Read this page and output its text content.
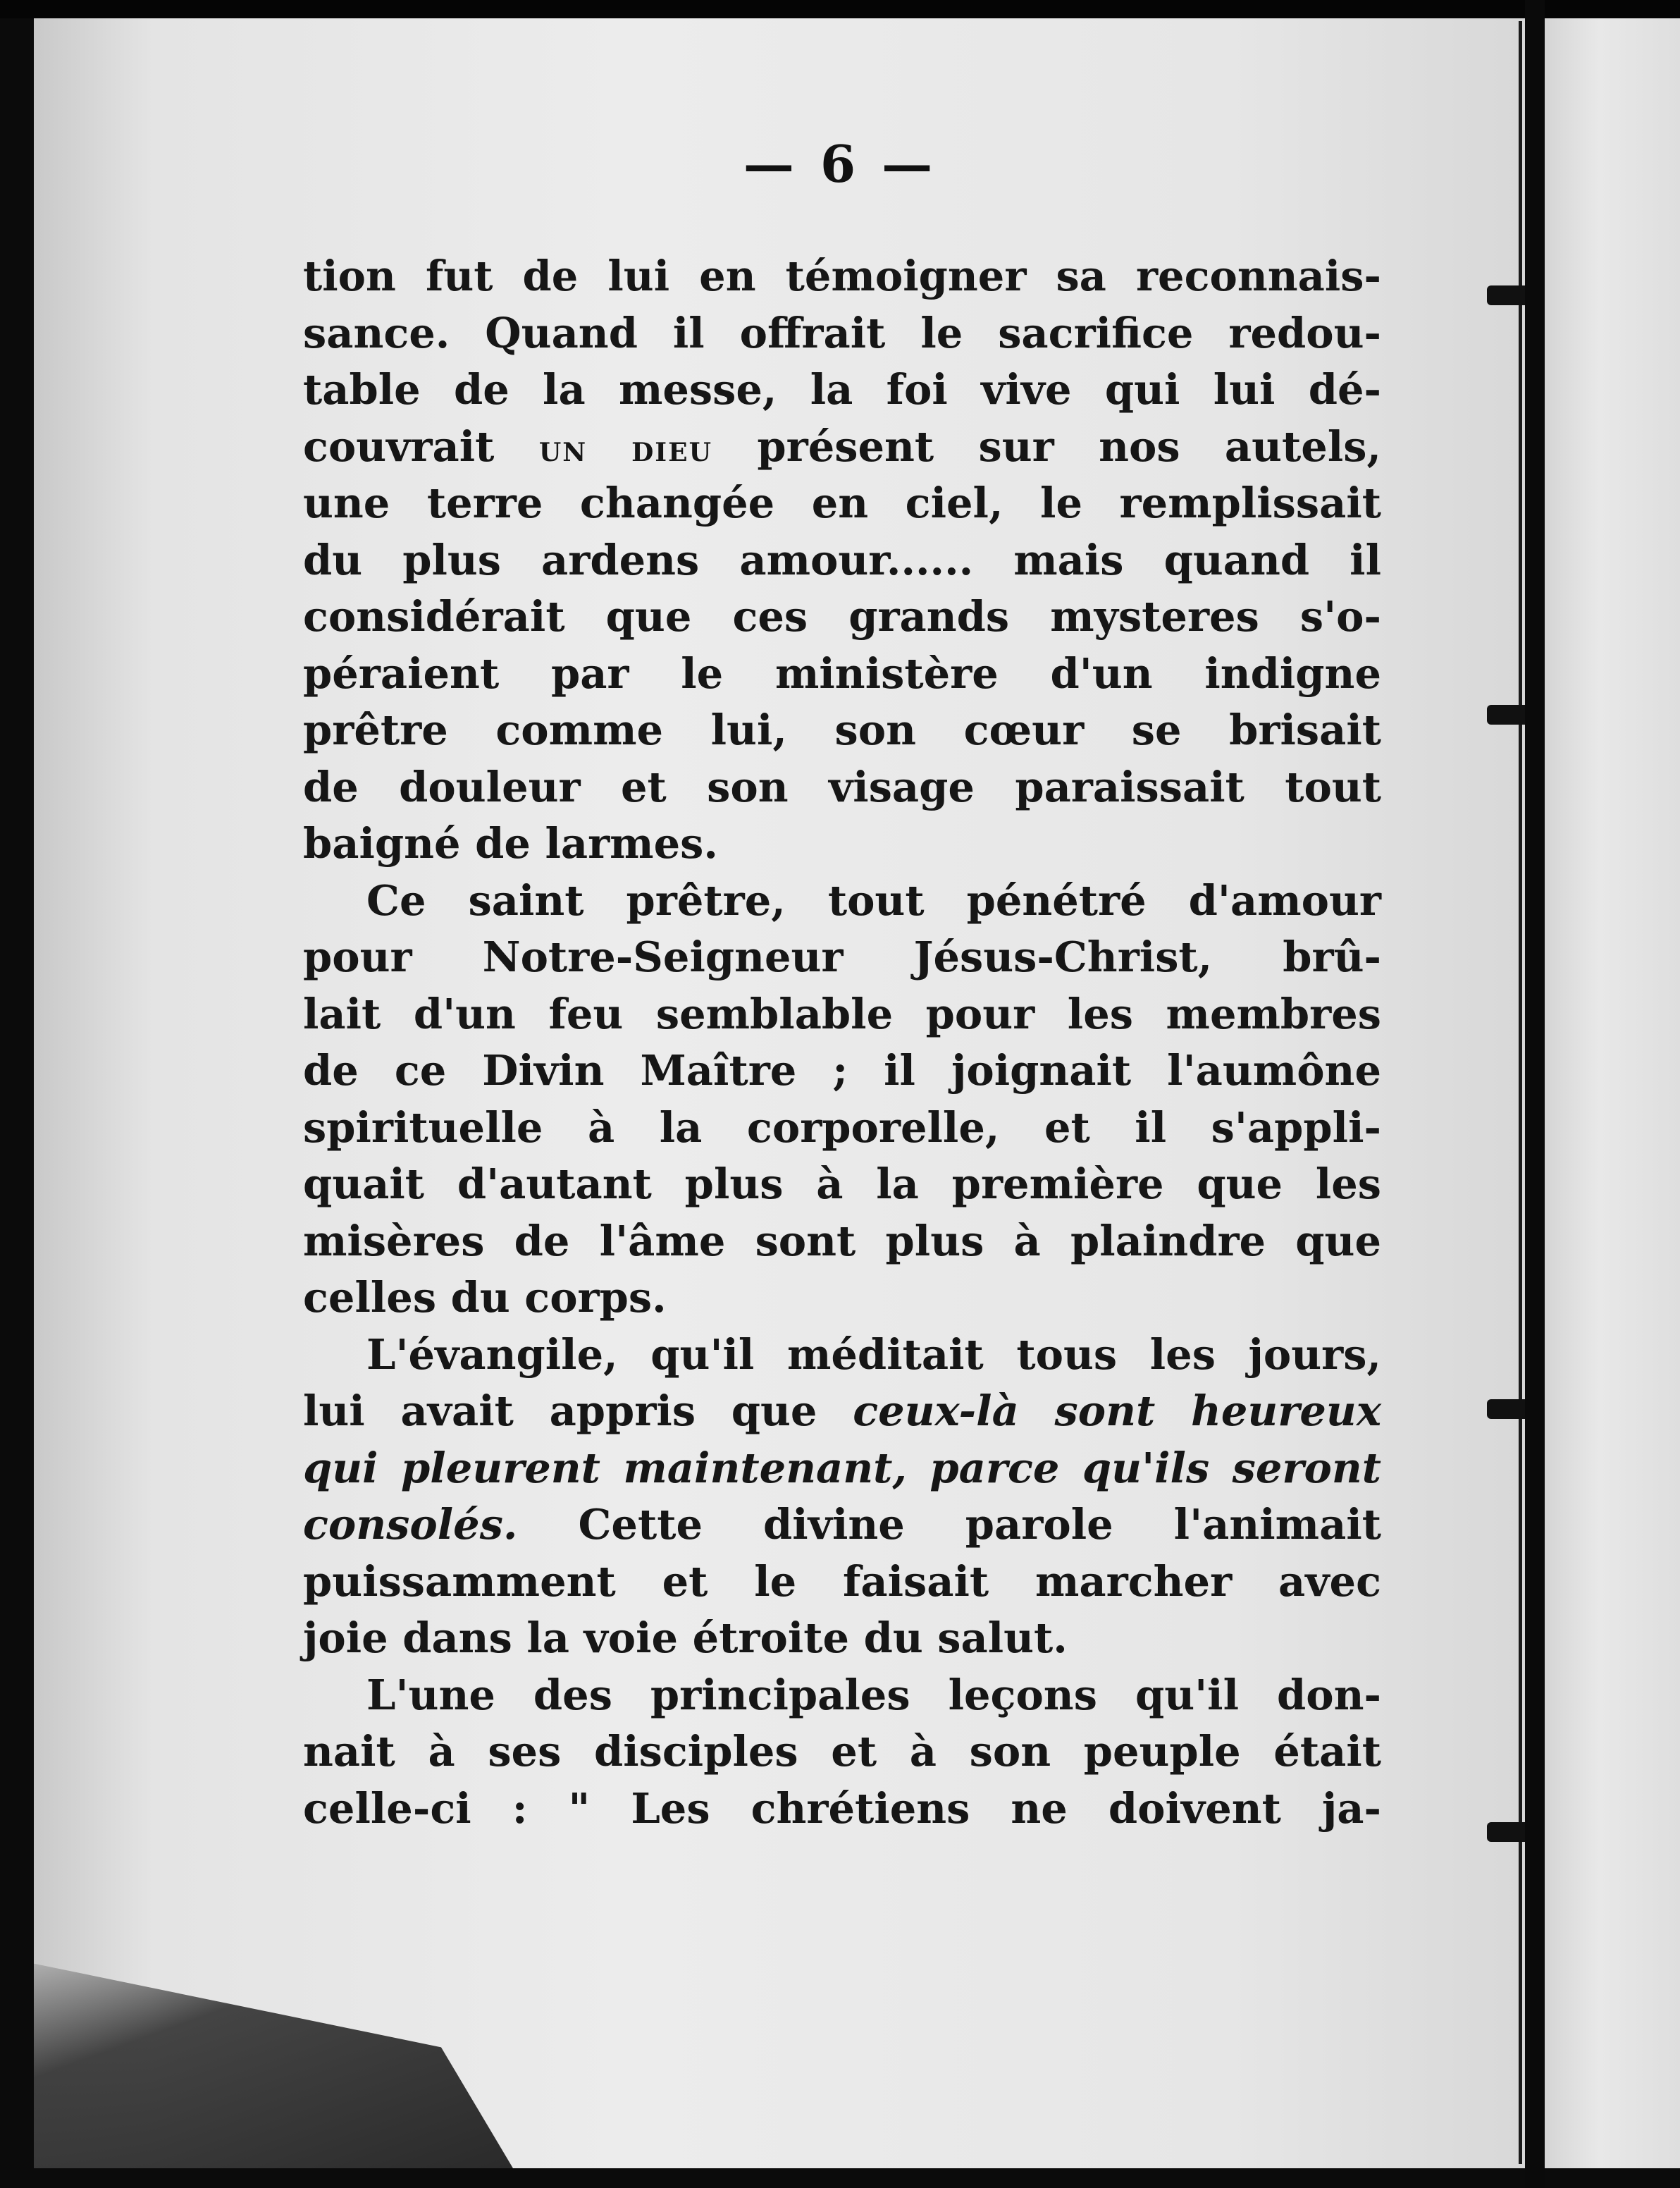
— 6 —
tion fut de lui en témoigner sa reconnais-
sance. Quand il offrait le sacrifice redou-
table de la messe, la foi vive qui lui dé-
couvrait un dieu présent sur nos autels,
une terre changée en ciel, le remplissait
du plus ardens amour...... mais quand il
considérait que ces grands mysteres s'o-
péraient par le ministère d'un indigne
prêtre comme lui, son cœur se brisait
de douleur et son visage paraissait tout
baigné de larmes.
Ce saint prêtre, tout pénétré d'amour
pour Notre-Seigneur Jésus-Christ, brû-
lait d'un feu semblable pour les membres
de ce Divin Maître ; il joignait l'aumône
spirituelle à la corporelle, et il s'appli-
quait d'autant plus à la première que les
misères de l'âme sont plus à plaindre que
celles du corps.
L'évangile, qu'il méditait tous les jours,
lui avait appris que ceux-là sont heureux
qui pleurent maintenant, parce qu'ils seront
consolés. Cette divine parole l'animait
puissamment et le faisait marcher avec
joie dans la voie étroite du salut.
L'une des principales leçons qu'il don-
nait à ses disciples et à son peuple était
celle-ci : " Les chrétiens ne doivent ja-
